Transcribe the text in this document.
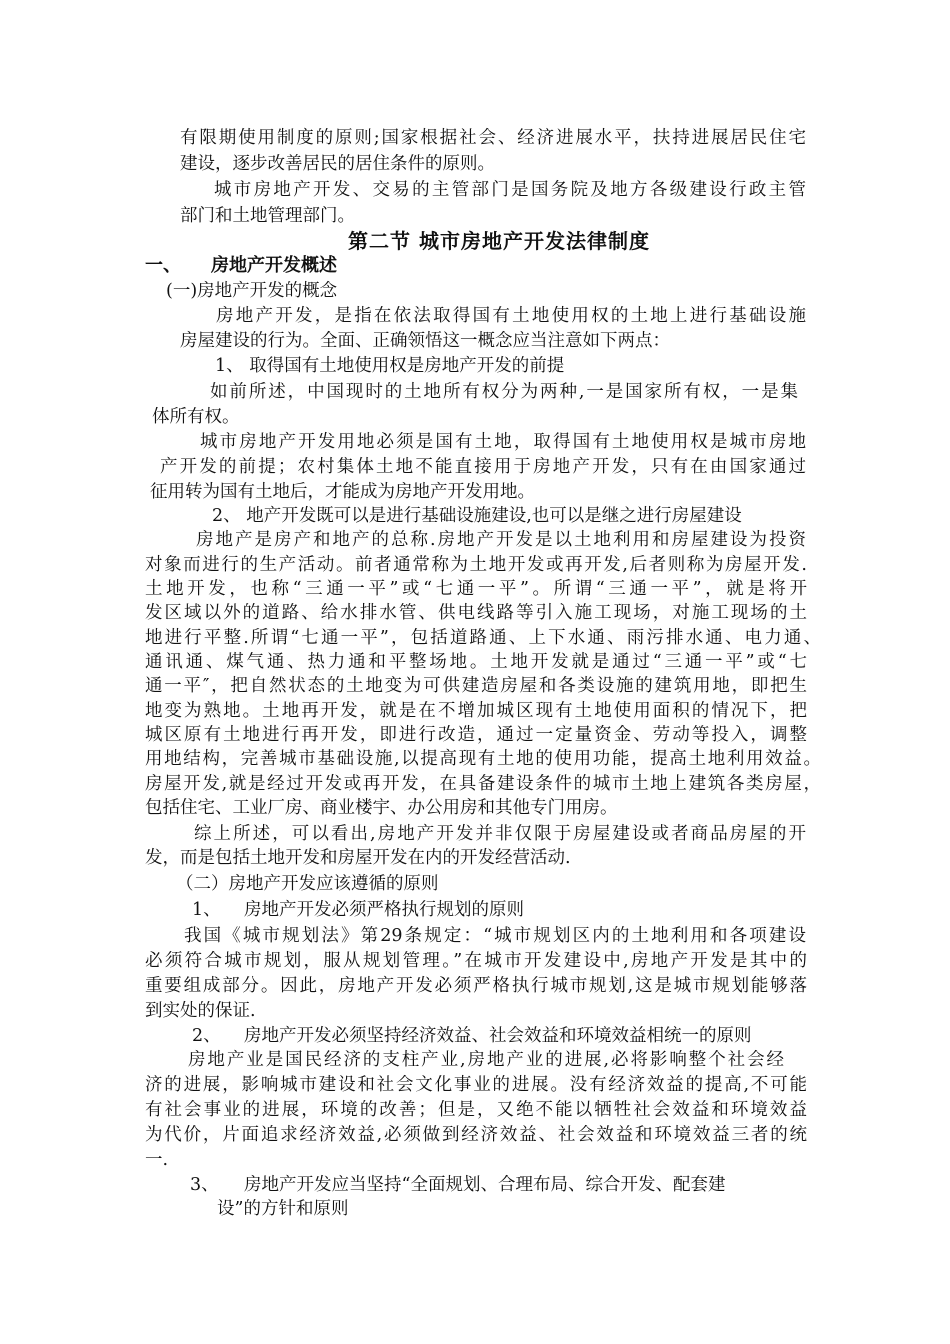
有限期使用制度的原则;国家根据社会、经济进展水平，扶持进展居民住宅

建设，逐步改善居民的居住条件的原则。

城市房地产开发、交易的主管部门是国务院及地方各级建设行政主管

部门和土地管理部门。

第二节 城市房地产开发法律制度

一、 房地产开发概述

(一)房地产开发的概念

房地产开发，是指在依法取得国有土地使用权的土地上进行基础设施

房屋建设的行为。全面、正确领悟这一概念应当注意如下两点：

1、 取得国有土地使用权是房地产开发的前提

如前所述，中国现时的土地所有权分为两种,一是国家所有权，一是集

体所有权。

城市房地产开发用地必须是国有土地，取得国有土地使用权是城市房地

产开发的前提；农村集体土地不能直接用于房地产开发，只有在由国家通过

征用转为国有土地后，才能成为房地产开发用地。

2、 地产开发既可以是进行基础设施建设,也可以是继之进行房屋建设

房地产是房产和地产的总称.房地产开发是以土地利用和房屋建设为投资

对象而进行的生产活动。前者通常称为土地开发或再开发,后者则称为房屋开发.

土地开发，也称“三通一平”或“七通一平”。所谓“三通一平”，就是将开

发区域以外的道路、给水排水管、供电线路等引入施工现场，对施工现场的土

地进行平整.所谓“七通一平”，包括道路通、上下水通、雨污排水通、电力通、

通讯通、煤气通、热力通和平整场地。土地开发就是通过“三通一平”或“七

通一平″，把自然状态的土地变为可供建造房屋和各类设施的建筑用地，即把生

地变为熟地。土地再开发，就是在不增加城区现有土地使用面积的情况下，把

城区原有土地进行再开发，即进行改造，通过一定量资金、劳动等投入，调整

用地结构，完善城市基础设施,以提高现有土地的使用功能，提高土地利用效益。

房屋开发,就是经过开发或再开发，在具备建设条件的城市土地上建筑各类房屋，

包括住宅、工业厂房、商业楼宇、办公用房和其他专门用房。

综上所述，可以看出,房地产开发并非仅限于房屋建设或者商品房屋的开

发，而是包括土地开发和房屋开发在内的开发经营活动.

（二）房地产开发应该遵循的原则

1、 房地产开发必须严格执行规划的原则

我国《城市规划法》第29条规定：“城市规划区内的土地利用和各项建设

必须符合城市规划，服从规划管理。”在城市开发建设中,房地产开发是其中的

重要组成部分。因此，房地产开发必须严格执行城市规划,这是城市规划能够落

到实处的保证.

2、 房地产开发必须坚持经济效益、社会效益和环境效益相统一的原则

房地产业是国民经济的支柱产业,房地产业的进展,必将影响整个社会经

济的进展，影响城市建设和社会文化事业的进展。没有经济效益的提高,不可能

有社会事业的进展，环境的改善；但是，又绝不能以牺牲社会效益和环境效益

为代价，片面追求经济效益,必须做到经济效益、社会效益和环境效益三者的统

一.

3、 房地产开发应当坚持“全面规划、合理布局、综合开发、配套建

设”的方针和原则
